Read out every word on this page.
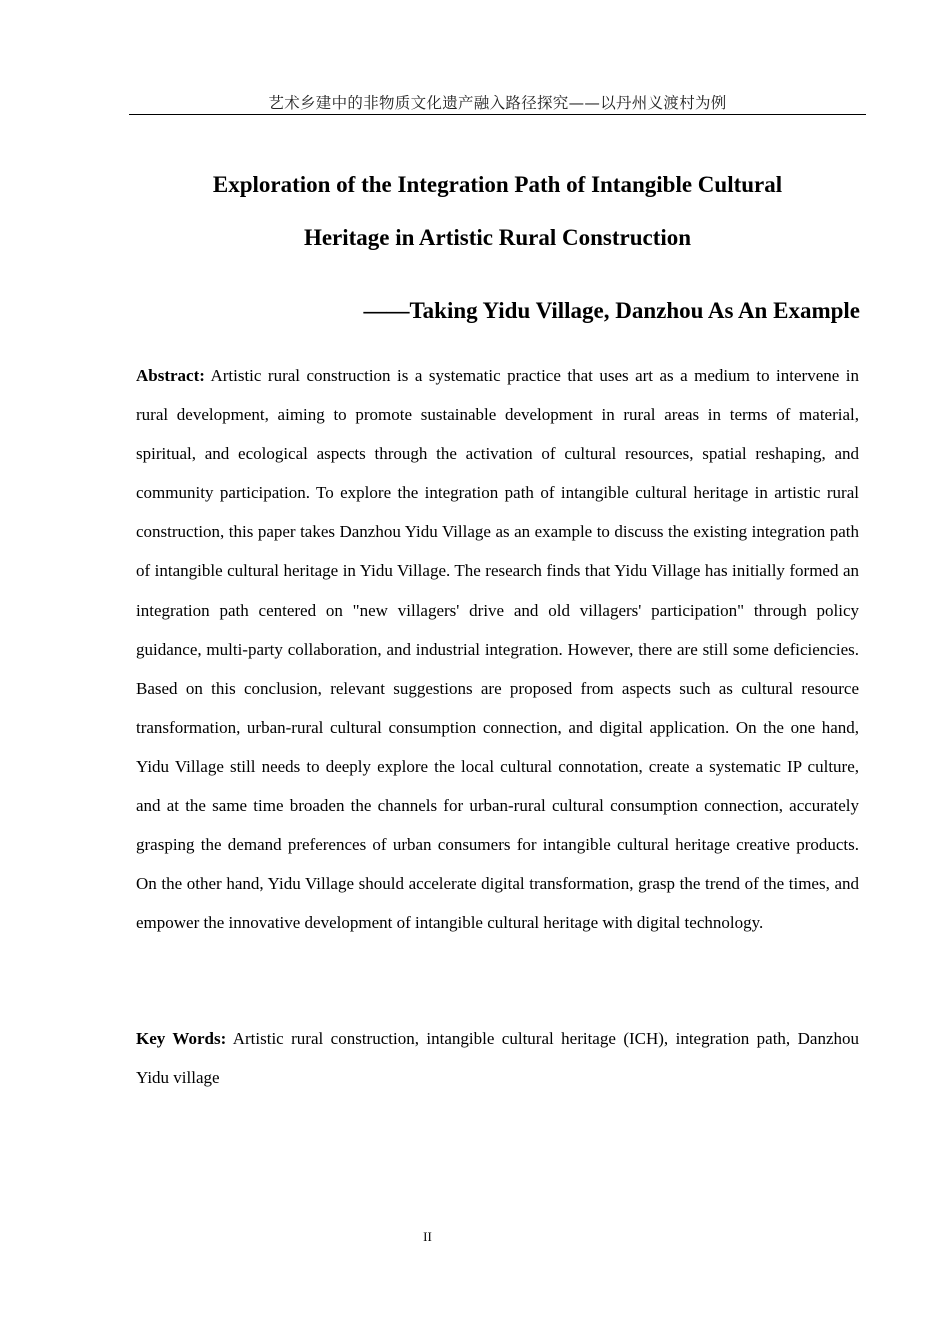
艺术乡建中的非物质文化遗产融入路径探究——以丹州义渡村为例
Exploration of the Integration Path of Intangible Cultural
Heritage in Artistic Rural Construction
——Taking Yidu Village, Danzhou As An Example

Abstract: Artistic rural construction is a systematic practice that uses art as a medium to intervene in rural development, aiming to promote sustainable development in rural areas in terms of material, spiritual, and ecological aspects through the activation of cultural resources, spatial reshaping, and community participation. To explore the integration path of intangible cultural heritage in artistic rural construction, this paper takes Danzhou Yidu Village as an example to discuss the existing integration path of intangible cultural heritage in Yidu Village. The research finds that Yidu Village has initially formed an integration path centered on "new villagers' drive and old villagers' participation" through policy guidance, multi-party collaboration, and industrial integration. However, there are still some deficiencies. Based on this conclusion, relevant suggestions are proposed from aspects such as cultural resource transformation, urban-rural cultural consumption connection, and digital application. On the one hand, Yidu Village still needs to deeply explore the local cultural connotation, create a systematic IP culture, and at the same time broaden the channels for urban-rural cultural consumption connection, accurately grasping the demand preferences of urban consumers for intangible cultural heritage creative products. On the other hand, Yidu Village should accelerate digital transformation, grasp the trend of the times, and empower the innovative development of intangible cultural heritage with digital technology.

Key Words: Artistic rural construction, intangible cultural heritage (ICH), integration path, Danzhou Yidu village

II
